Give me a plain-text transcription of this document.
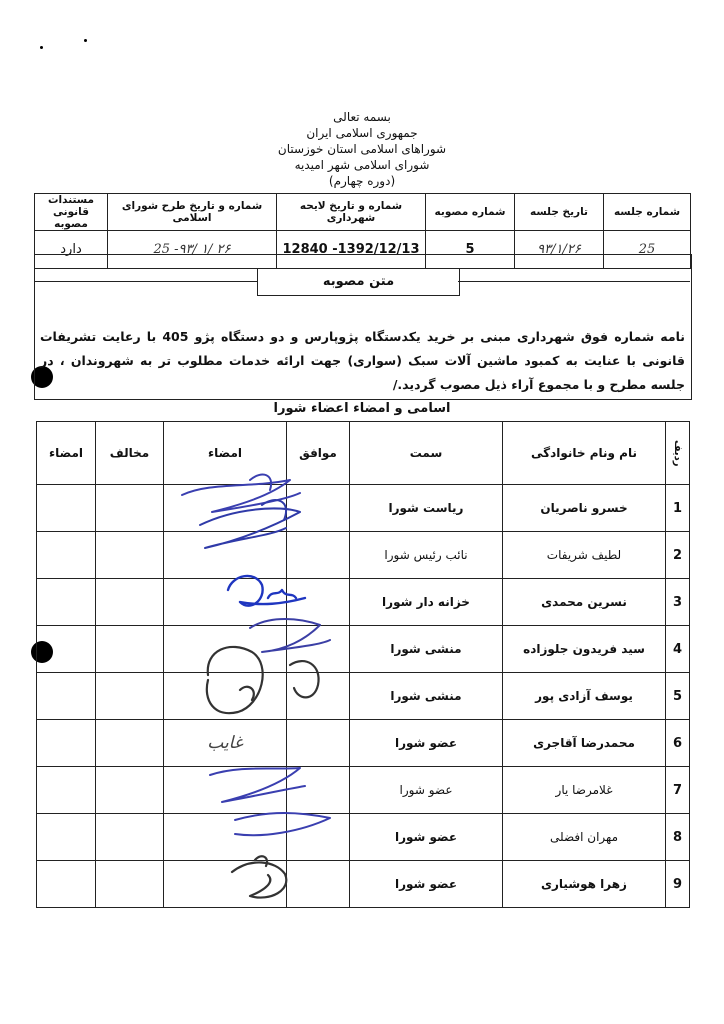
بسمه تعالی
جمهوری اسلامی ایران
شوراهای اسلامی استان خوزستان
شورای اسلامی شهر امیدیه
(دوره چهارم)
شماره جلسه	تاریخ جلسه	شماره مصوبه	شماره و تاریخ لایحه شهرداری	شماره و تاریخ طرح شورای اسلامی	مستندات قانونی مصوبه
25	۹۳/۱/۲۶	5	12840 -1392/12/13	25 -۹۳/ ۱/ ۲۶	دارد
متن مصوبه
نامه شماره فوق شهرداری مبنی بر خرید یکدستگاه پژوپارس و دو دستگاه پژو 405 با رعایت تشریفات قانونی با عنایت به کمبود ماشین آلات سبک (سواری) جهت ارائه خدمات مطلوب تر به شهروندان ، در جلسه مطرح و با مجموع آراء ذیل مصوب گردید./
اسامی و امضاء اعضاء شورا
ردیف	نام ونام خانوادگی	سمت	موافق	امضاء	مخالف	امضاء
1	خسرو ناصریان	ریاست شورا				
2	لطیف شریفات	نائب رئیس شورا				
3	نسرین محمدی	خزانه دار شورا				
4	سید فریدون جلوزاده	منشی شورا				
5	یوسف آزادی پور	منشی شورا				
6	محمدرضا آقاجری	عضو شورا		غایب		
7	غلامرضا یار	عضو شورا				
8	مهران افضلی	عضو شورا				
9	زهرا هوشیاری	عضو شورا				
